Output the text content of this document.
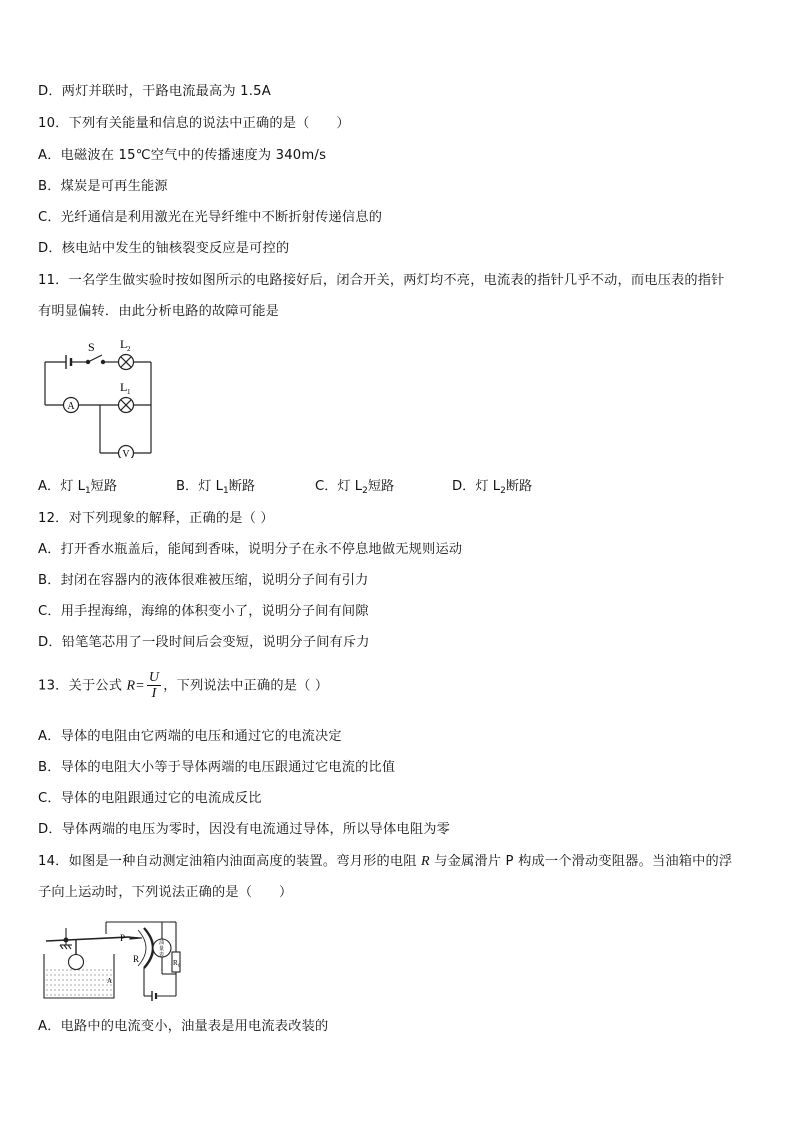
D．两灯并联时，干路电流最高为 1.5A
10．下列有关能量和信息的说法中正确的是（　　）
A．电磁波在 15℃空气中的传播速度为 340m/s
B．煤炭是可再生能源
C．光纤通信是利用激光在光导纤维中不断折射传递信息的
D．核电站中发生的铀核裂变反应是可控的
11．一名学生做实验时按如图所示的电路接好后，闭合开关，两灯均不亮，电流表的指针几乎不动，而电压表的指针
有明显偏转．由此分析电路的故障可能是
S L 2
L 1
A
V
A．灯 $L_1$短路	B．灯 $L_1$断路	C．灯 $L_2$短路	D．灯 $L_2$断路
12．对下列现象的解释，正确的是（ ）
A．打开香水瓶盖后，能闻到香味，说明分子在永不停息地做无规则运动
B．封闭在容器内的液体很难被压缩，说明分子间有引力
C．用手捏海绵，海绵的体积变小了，说明分子间有间隙
D．铅笔笔芯用了一段时间后会变短，说明分子间有斥力
13．关于公式 $R= \frac{U}{I}$ ，下列说法中正确的是（ ）
A．导体的电阻由它两端的电压和通过它的电流决定
B．导体的电阻大小等于导体两端的电压跟通过它电流的比值
C．导体的电阻跟通过它的电流成反比
D．导体两端的电压为零时，因没有电流通过导体，所以导体电阻为零
14．如图是一种自动测定油箱内油面高度的装置。弯月形的电阻 R 与金属滑片 P 构成一个滑动变阻器。当油箱中的浮
子向上运动时，下列说法正确的是（　　）
P
R
油
量
表
R 0
A
A．电路中的电流变小，油量表是用电流表改装的
